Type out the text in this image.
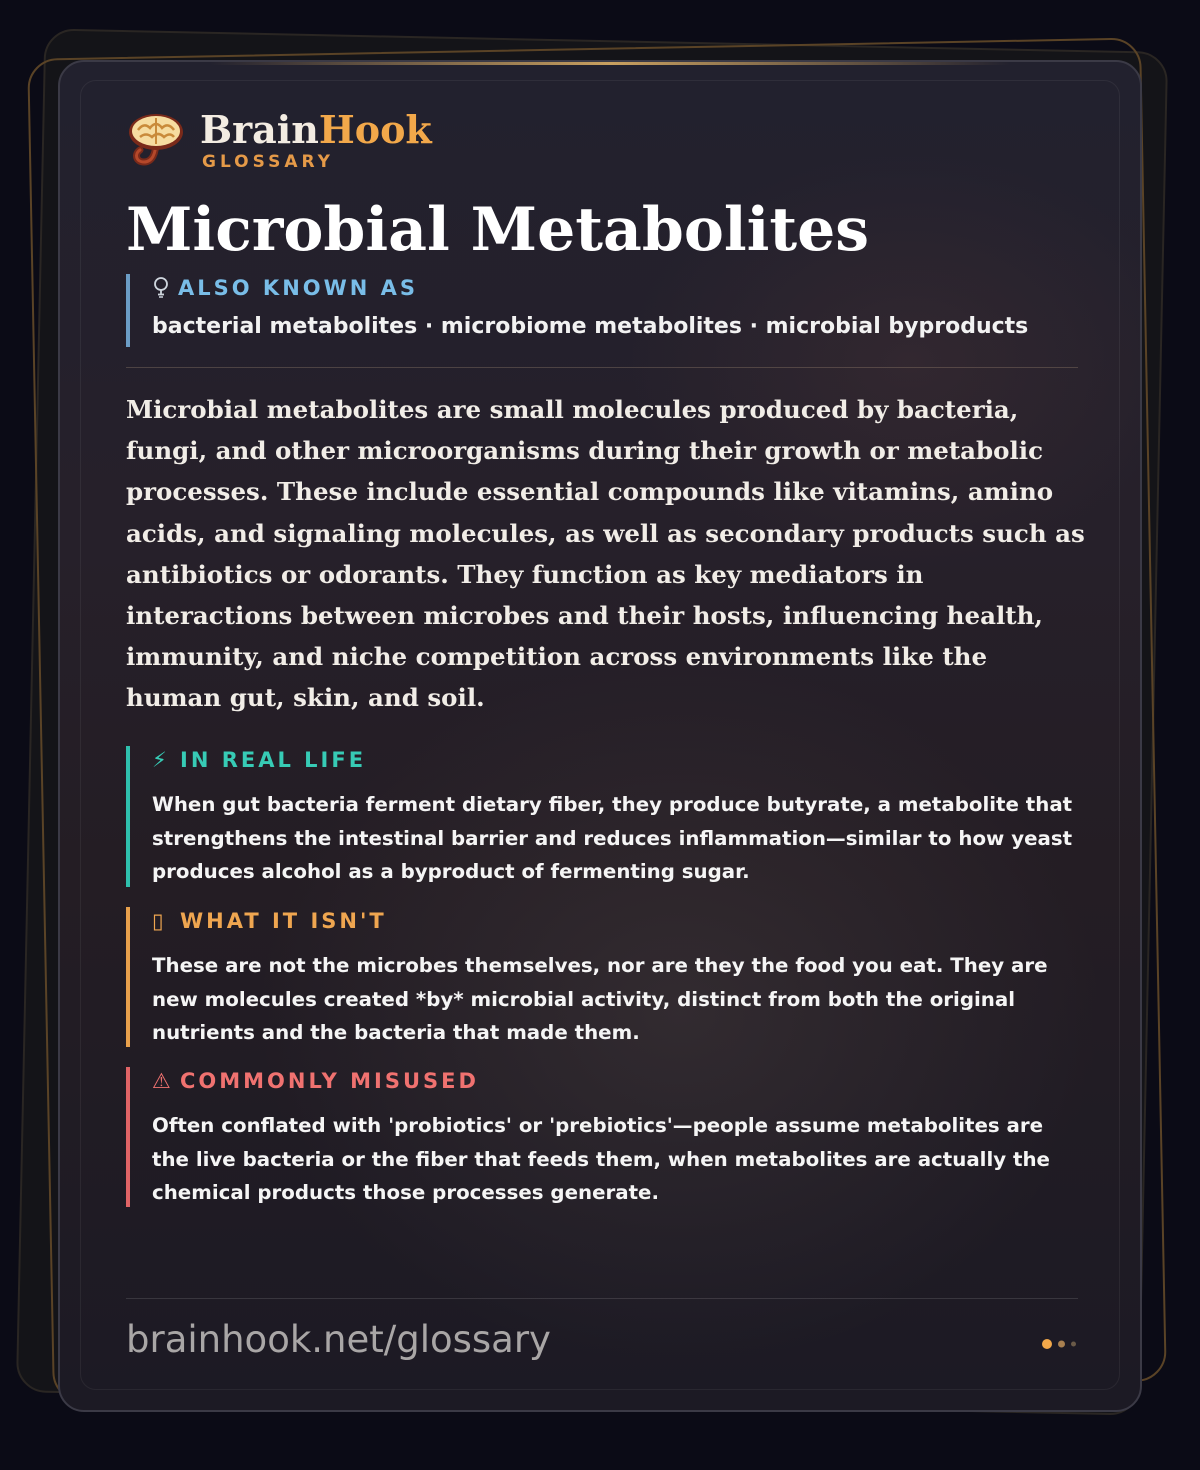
BrainHook
GLOSSARY
Microbial Metabolites
ALSO KNOWN AS
bacterial metabolites · microbiome metabolites · microbial byproducts
Microbial metabolites are small molecules produced by bacteria, fungi, and other microorganisms during their growth or metabolic processes. These include essential compounds like vitamins, amino acids, and signaling molecules, as well as secondary products such as antibiotics or odorants. They function as key mediators in interactions between microbes and their hosts, influencing health, immunity, and niche competition across environments like the human gut, skin, and soil.
⚡ IN REAL LIFE
When gut bacteria ferment dietary fiber, they produce butyrate, a metabolite that strengthens the intestinal barrier and reduces inflammation—similar to how yeast produces alcohol as a byproduct of fermenting sugar.
▯ WHAT IT ISN'T
These are not the microbes themselves, nor are they the food you eat. They are new molecules created *by* microbial activity, distinct from both the original nutrients and the bacteria that made them.
⚠ COMMONLY MISUSED
Often conflated with 'probiotics' or 'prebiotics'—people assume metabolites are the live bacteria or the fiber that feeds them, when metabolites are actually the chemical products those processes generate.
brainhook.net/glossary
